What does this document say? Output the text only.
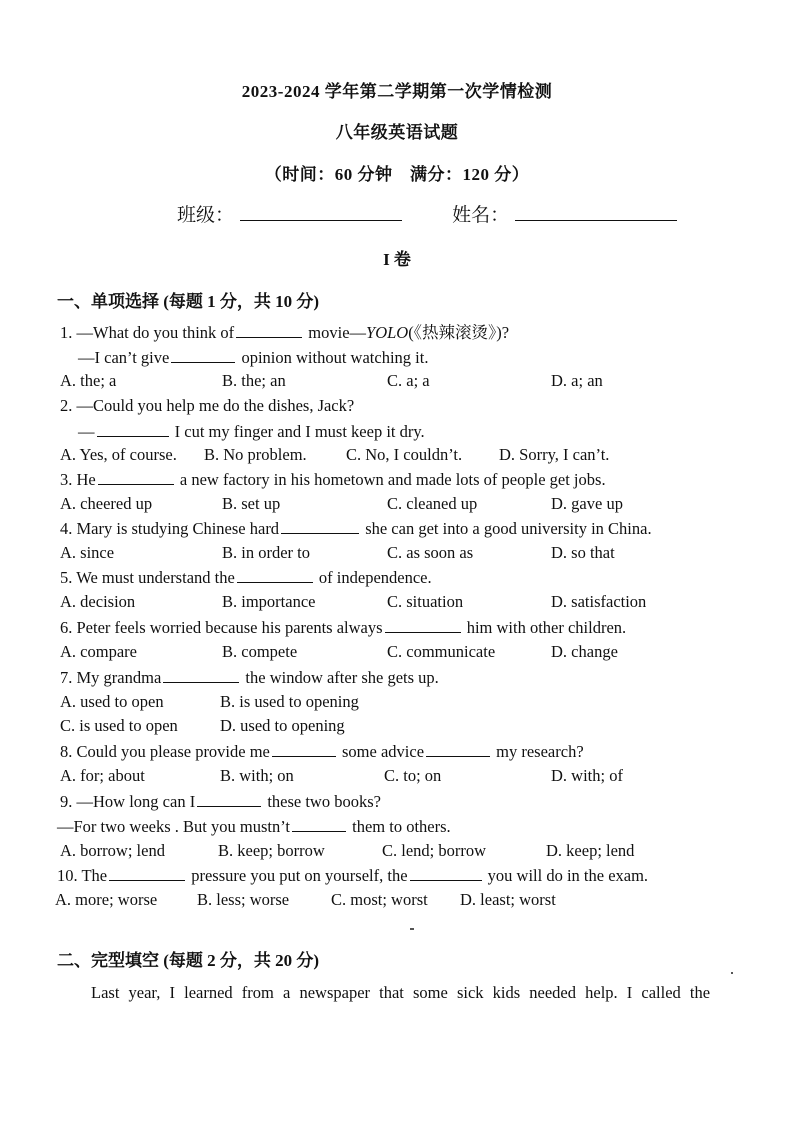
2023-2024 学年第二学期第一次学情检测
八年级英语试题
（时间：60 分钟　满分：120 分）
班级：	姓名：
I 卷
一、单项选择 (每题 1 分，共 10 分)
1. —What do you think of	movie—YOLO(《热辣滚烫》)?
—I can’t give	opinion without watching it.
A. the; a	B. the; an	C. a; a	D. a; an
2. —Could you help me do the dishes, Jack?
—	I cut my finger and I must keep it dry.
A. Yes, of course. B. No problem. C. No, I couldn’t. D. Sorry, I can’t.
3. He	a new factory in his hometown and made lots of people get jobs.
A. cheered up	B. set up	C. cleaned up	D. gave up
4. Mary is studying Chinese hard	she can get into a good university in China.
A. since	B. in order to	C. as soon as	D. so that
5. We must understand the	of independence.
A. decision	B. importance	C. situation	D. satisfaction
6. Peter feels worried because his parents always	him with other children.
A. compare	B. compete	C. communicate	D. change
7. My grandma	the window after she gets up.
A. used to open	B. is used to opening
C. is used to open	D. used to opening
8. Could you please provide me	some advice	my research?
A. for; about	B. with; on	C. to; on	D. with; of
9. —How long can I	these two books?
—For two weeks . But you mustn’t	them to others.
A. borrow; lend	B. keep; borrow	C. lend; borrow	D. keep; lend
10. The	pressure you put on yourself, the	you will do in the exam.
A. more; worse B. less; worse	C. most; worst D. least; worst
二、完型填空 (每题 2 分，共 20 分)
Last year, I learned from a newspaper that some sick kids needed help. I called the
